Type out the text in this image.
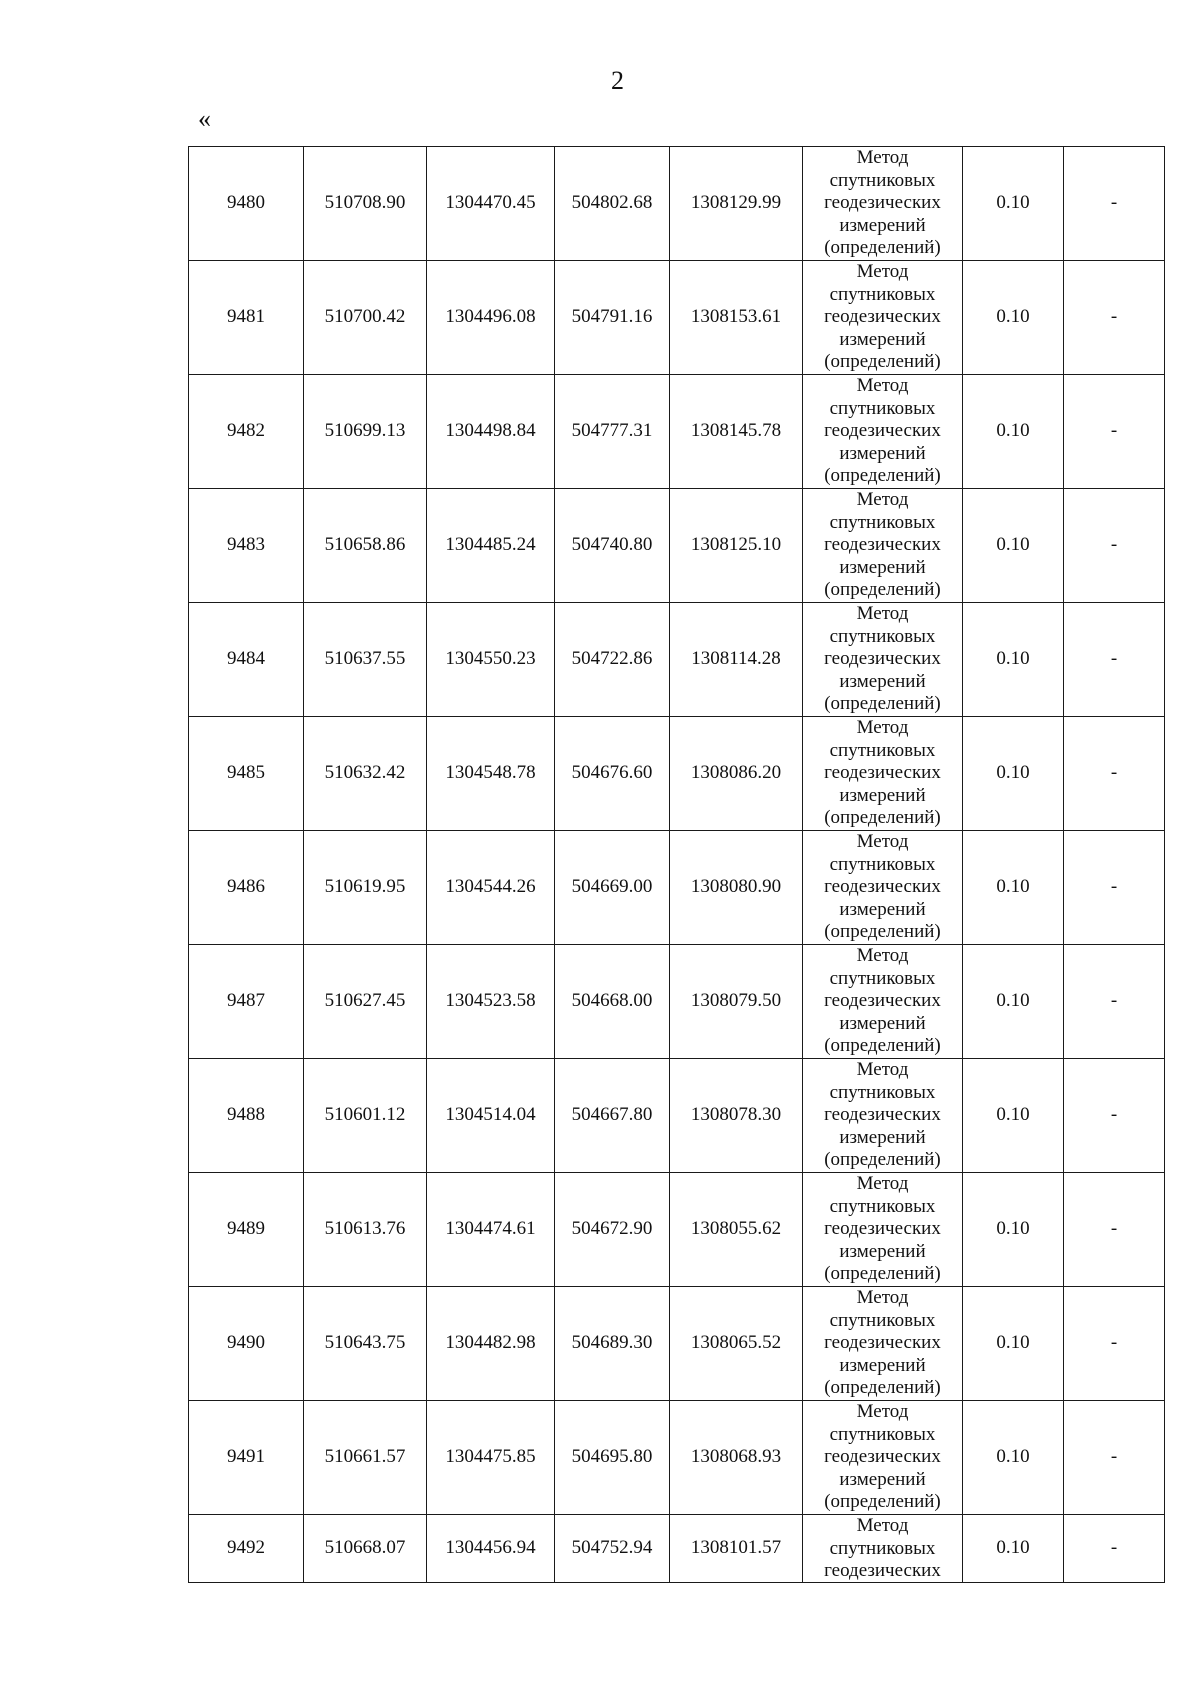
2
«
9480	510708.90	1304470.45	504802.68	1308129.99	Метод
спутниковых
геодезических
измерений
(определений)	0.10	-
9481	510700.42	1304496.08	504791.16	1308153.61	Метод
спутниковых
геодезических
измерений
(определений)	0.10	-
9482	510699.13	1304498.84	504777.31	1308145.78	Метод
спутниковых
геодезических
измерений
(определений)	0.10	-
9483	510658.86	1304485.24	504740.80	1308125.10	Метод
спутниковых
геодезических
измерений
(определений)	0.10	-
9484	510637.55	1304550.23	504722.86	1308114.28	Метод
спутниковых
геодезических
измерений
(определений)	0.10	-
9485	510632.42	1304548.78	504676.60	1308086.20	Метод
спутниковых
геодезических
измерений
(определений)	0.10	-
9486	510619.95	1304544.26	504669.00	1308080.90	Метод
спутниковых
геодезических
измерений
(определений)	0.10	-
9487	510627.45	1304523.58	504668.00	1308079.50	Метод
спутниковых
геодезических
измерений
(определений)	0.10	-
9488	510601.12	1304514.04	504667.80	1308078.30	Метод
спутниковых
геодезических
измерений
(определений)	0.10	-
9489	510613.76	1304474.61	504672.90	1308055.62	Метод
спутниковых
геодезических
измерений
(определений)	0.10	-
9490	510643.75	1304482.98	504689.30	1308065.52	Метод
спутниковых
геодезических
измерений
(определений)	0.10	-
9491	510661.57	1304475.85	504695.80	1308068.93	Метод
спутниковых
геодезических
измерений
(определений)	0.10	-
9492	510668.07	1304456.94	504752.94	1308101.57	Метод
спутниковых
геодезических	0.10	-
